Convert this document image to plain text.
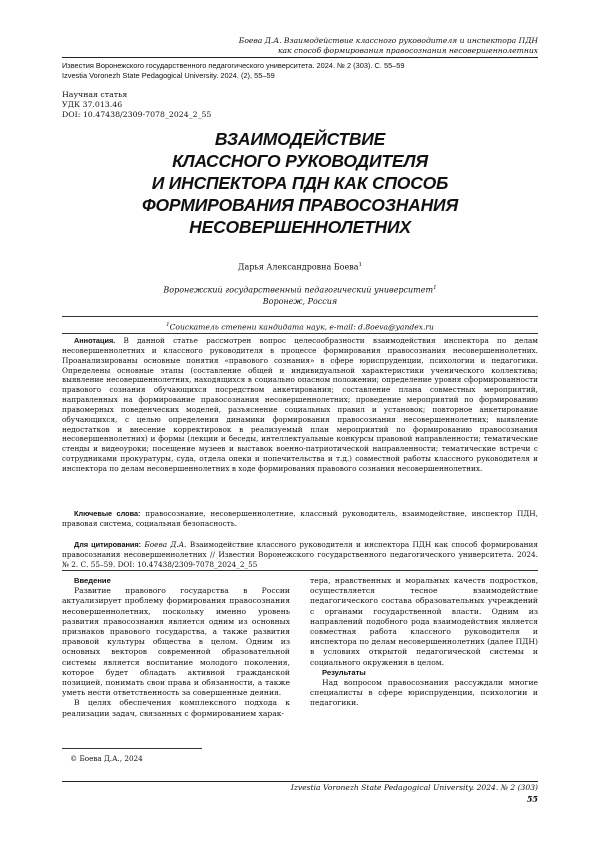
Боева Д.А. Взаимодействие классного руководителя и инспектора ПДН
как способ формирования правосознания несовершеннолетних
Известия Воронежского государственного педагогического университета. 2024. № 2 (303). С. 55–59
Izvestia Voronezh State Pedagogical University. 2024. (2), 55–59
Научная статья
УДК 37.013.46
DOI: 10.47438/2309-7078_2024_2_55
ВЗАИМОДЕЙСТВИЕ
КЛАССНОГО РУКОВОДИТЕЛЯ
И ИНСПЕКТОРА ПДН КАК СПОСОБ
ФОРМИРОВАНИЯ ПРАВОСОЗНАНИЯ
НЕСОВЕРШЕННОЛЕТНИХ
Дарья Александровна Боева1
Воронежский государственный педагогический университет1
Воронеж, Россия
1Соискатель степени кандидата наук, e-mail: d.8oeva@yandex.ru
Аннотация. В данной статье рассмотрен вопрос целесообразности взаимодействия инспектора по делам несовершеннолетних и классного руководителя в процессе формирования правосознания несовершеннолетних. Проанализированы основные понятия «правового сознания» в сфере юриспруденции, психологии и педагогики. Определены основные этапы (составление общей и индивидуальной характеристики ученического коллектива; выявление несовершеннолетних, находящихся в социально опасном положении; определение уровня сформированности правового сознания обучающихся посредством анкетирования; составление плана совместных мероприятий, направленных на формирование правосознания несовершеннолетних; проведение мероприятий по формированию правомерных поведенческих моделей, разъяснение социальных правил и установок; повторное анкетирование обучающихся, с целью определения динамики формирования правосознания несовершеннолетних; выявление недостатков и внесение корректировок в реализуемый план мероприятий по формированию правосознания несовершеннолетних) и формы (лекции и беседы, интеллектуальные конкурсы правовой направленности; тематические стенды и видеоуроки; посещение музеев и выставок военно-патриотической направленности; тематические встречи с сотрудниками прокуратуры, суда, отдела опеки и попечительства и т.д.) совместной работы классного руководителя и инспектора по делам несовершеннолетних в ходе формирования правового сознания несовершеннолетних.
Ключевые слова: правосознание, несовершеннолетние, классный руководитель, взаимодействие, инспектор ПДН, правовая система, социальная безопасность.
Для цитирования: Боева Д.А. Взаимодействие классного руководителя и инспектора ПДН как способ формирования правосознания несовершеннолетних // Известия Воронежского государственного педагогического университета. 2024. № 2. С. 55–59. DOI: 10.47438/2309-7078_2024_2_55

Введение

Развитие правового государства в России актуализирует проблему формирования правосознания несовершеннолетних, поскольку именно уровень развития правосознания является одним из основных признаков правового государства, а также развития правовой культуры общества в целом. Одним из основных векторов современной образовательной системы является воспитание молодого поколения, которое будет обладать активной гражданской позицией, понимать свои права и обязанности, а также уметь нести ответственность за совершенные деяния.

В целях обеспечения комплексного подхода к реализации задач, связанных с формированием харак-

тера, нравственных и моральных качеств подростков, осуществляется тесное взаимодействие педагогического состава образовательных учреждений с органами государственной власти. Одним из направлений подобного рода взаимодействия является совместная работа классного руководителя и инспектора по делам несовершеннолетних (далее ПДН) в условиях открытой педагогической системы и социального окружения в целом.

Результаты

Над вопросом правосознания рассуждали многие специалисты в сфере юриспруденции, психологии и педагогики.

© Боева Д.А., 2024
Izvestia Voronezh State Pedagogical University. 2024. № 2 (303)
55
